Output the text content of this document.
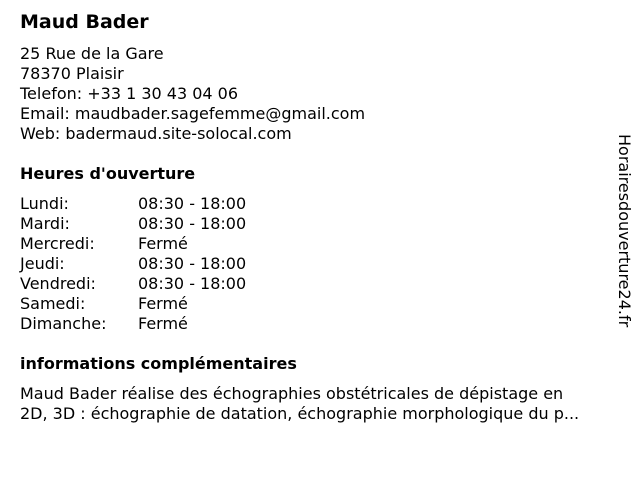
Maud Bader
25 Rue de la Gare
78370 Plaisir
Telefon: +33 1 30 43 04 06
Email: maudbader.sagefemme@gmail.com
Web: badermaud.site-solocal.com
Heures d'ouverture
Lundi:	08:30 - 18:00
Mardi:	08:30 - 18:00
Mercredi:	Fermé
Jeudi:	08:30 - 18:00
Vendredi:	08:30 - 18:00
Samedi:	Fermé
Dimanche:	Fermé
informations complémentaires
Maud Bader réalise des échographies obstétricales de dépistage en
2D, 3D : échographie de datation, échographie morphologique du p...
Horairesdouverture24.fr
